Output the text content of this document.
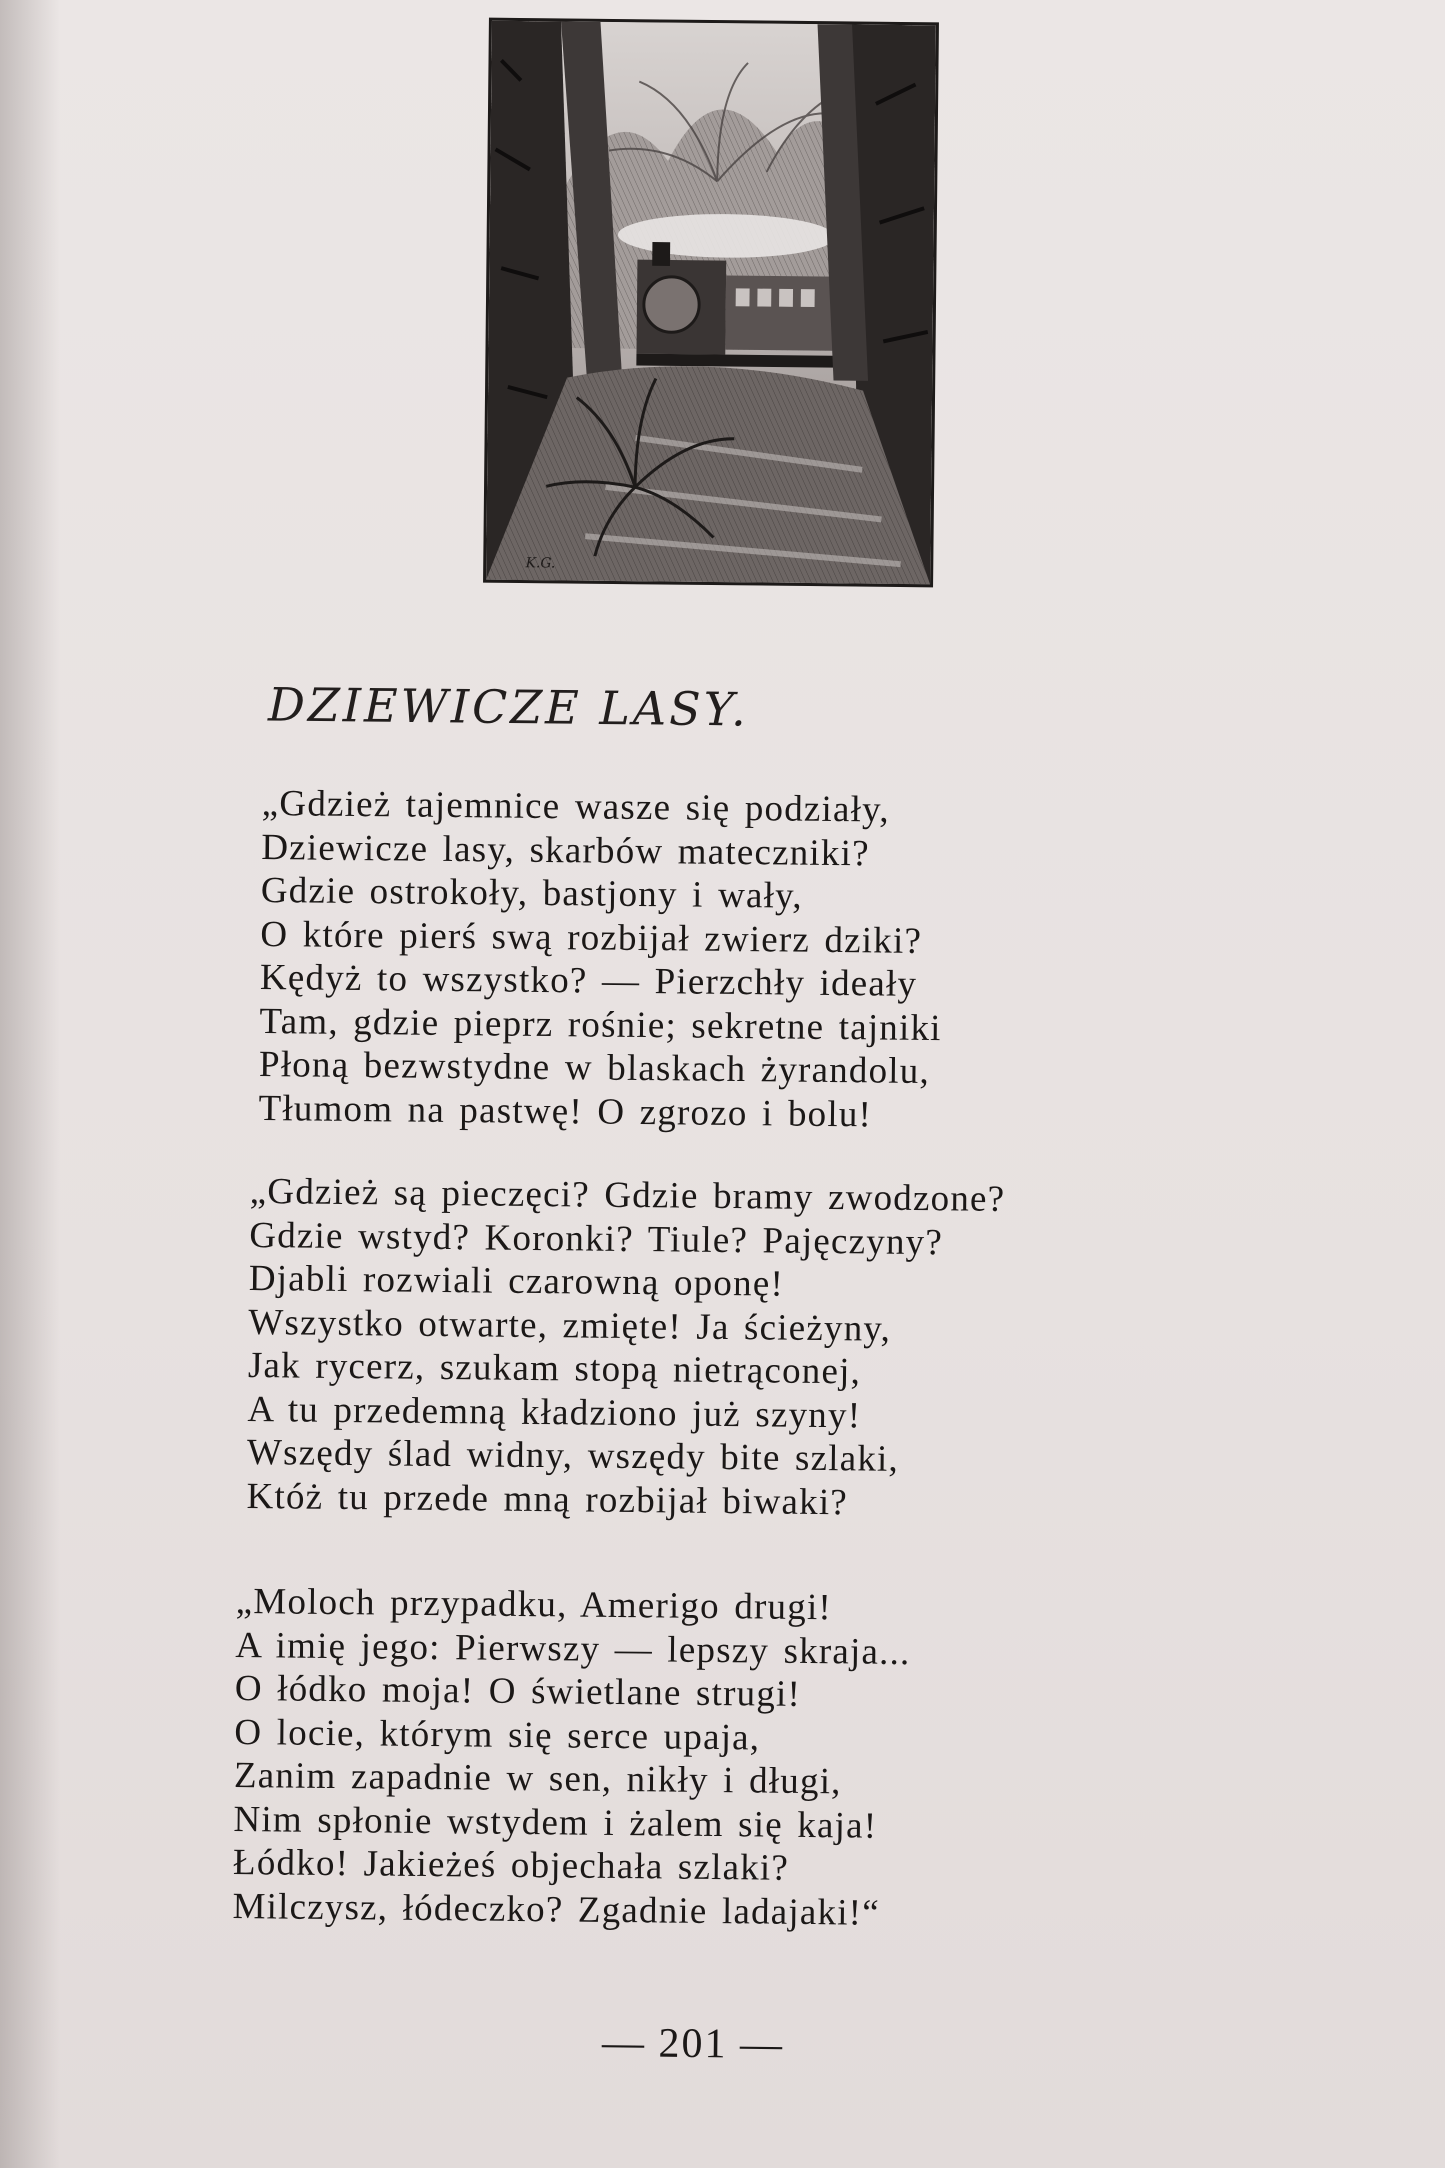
K.G.
DZIEWICZE LASY.
„Gdzież tajemnice wasze się podziały,
Dziewicze lasy, skarbów mateczniki?
Gdzie ostrokoły, bastjony i wały,
O które pierś swą rozbijał zwierz dziki?
Kędyż to wszystko? — Pierzchły ideały
Tam, gdzie pieprz rośnie; sekretne tajniki
Płoną bezwstydne w blaskach żyrandolu,
Tłumom na pastwę! O zgrozo i bolu!
„Gdzież są pieczęci? Gdzie bramy zwodzone?
Gdzie wstyd? Koronki? Tiule? Pajęczyny?
Djabli rozwiali czarowną oponę!
Wszystko otwarte, zmięte! Ja ścieżyny,
Jak rycerz, szukam stopą nietrąconej,
A tu przedemną kładziono już szyny!
Wszędy ślad widny, wszędy bite szlaki,
Któż tu przede mną rozbijał biwaki?
„Moloch przypadku, Amerigo drugi!
A imię jego: Pierwszy — lepszy skraja...
O łódko moja! O świetlane strugi!
O locie, którym się serce upaja,
Zanim zapadnie w sen, nikły i długi,
Nim spłonie wstydem i żalem się kaja!
Łódko! Jakieżeś objechała szlaki?
Milczysz, łódeczko? Zgadnie ladajaki!“
— 201 —
